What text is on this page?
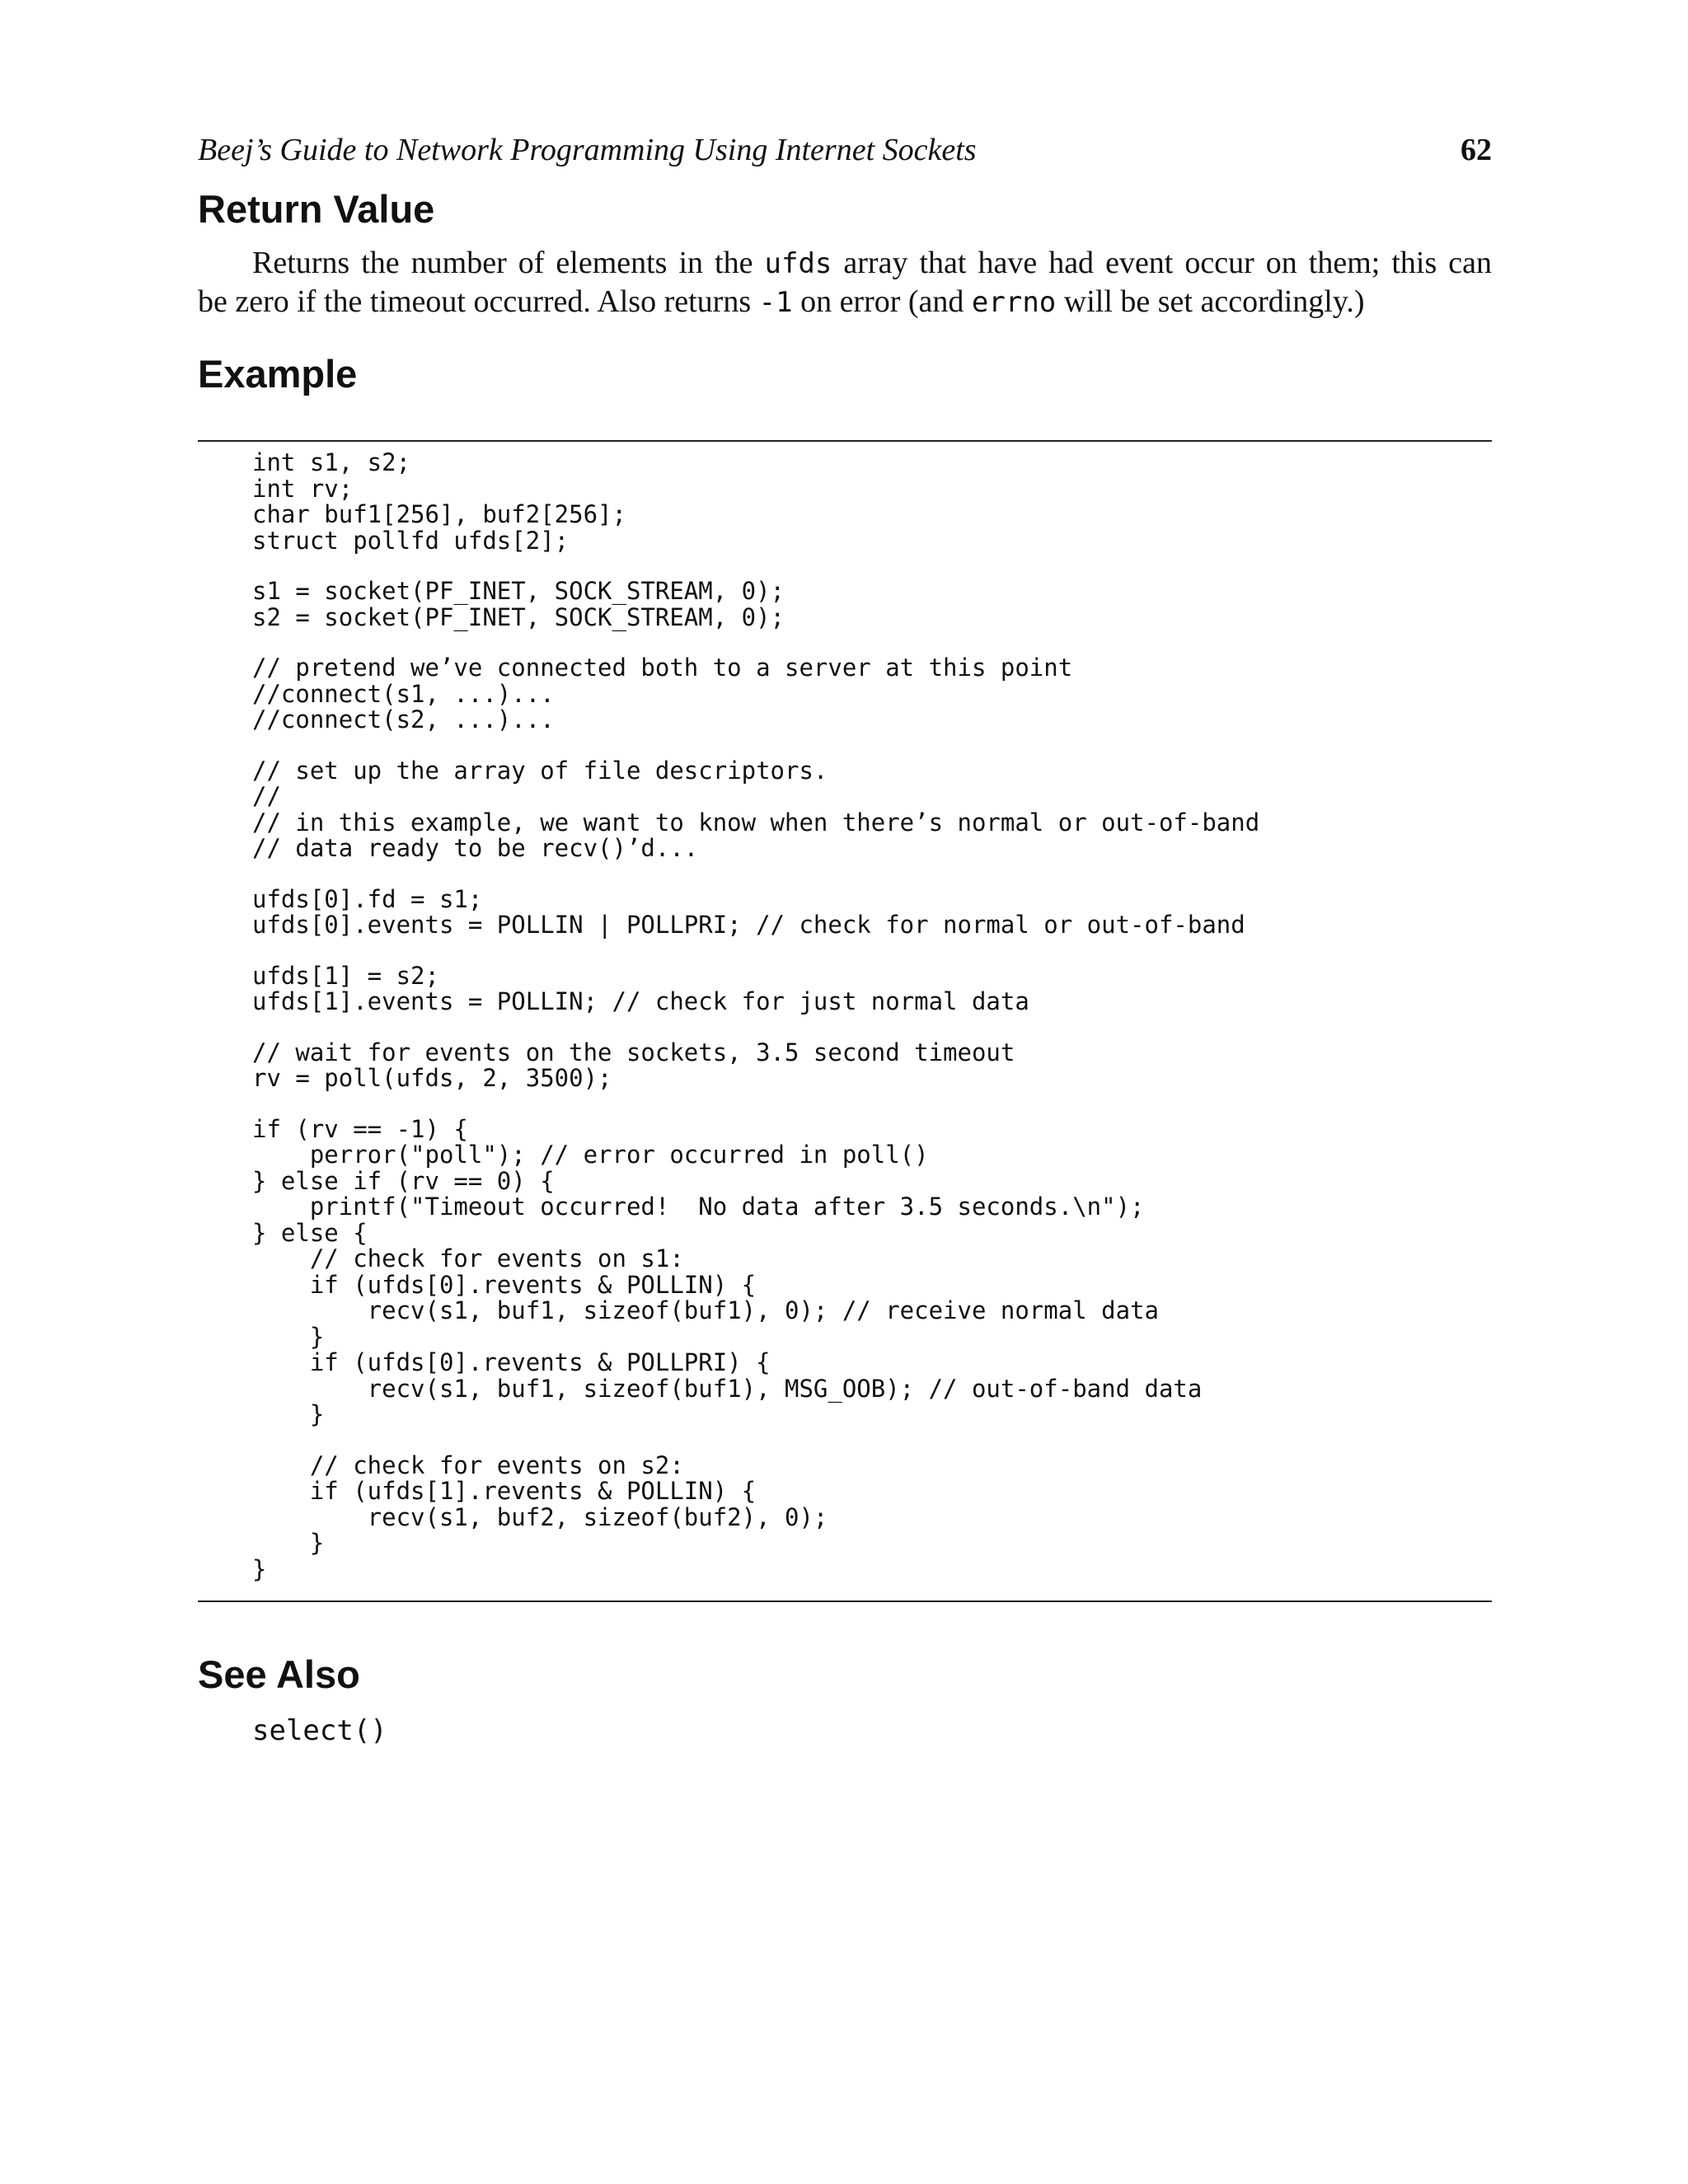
Beej’s Guide to Network Programming Using Internet Sockets	62
Return Value

Returns the number of elements in the ufds array that have had event occur on them; this can
be zero if the timeout occurred. Also returns -1 on error (and errno will be set accordingly.)

Example
int s1, s2;
int rv;
char buf1[256], buf2[256];
struct pollfd ufds[2];
s1 = socket(PF_INET, SOCK_STREAM, 0);
s2 = socket(PF_INET, SOCK_STREAM, 0);
// pretend we’ve connected both to a server at this point
//connect(s1, ...)...
//connect(s2, ...)...
// set up the array of file descriptors.
//
// in this example, we want to know when there’s normal or out-of-band
// data ready to be recv()’d...
ufds[0].fd = s1;
ufds[0].events = POLLIN | POLLPRI; // check for normal or out-of-band
ufds[1] = s2;
ufds[1].events = POLLIN; // check for just normal data
// wait for events on the sockets, 3.5 second timeout
rv = poll(ufds, 2, 3500);
if (rv == -1) {
perror("poll"); // error occurred in poll()
} else if (rv == 0) {
printf("Timeout occurred!  No data after 3.5 seconds.\n");
} else {
// check for events on s1:
if (ufds[0].revents & POLLIN) {
recv(s1, buf1, sizeof(buf1), 0); // receive normal data
}
if (ufds[0].revents & POLLPRI) {
recv(s1, buf1, sizeof(buf1), MSG_OOB); // out-of-band data
}
// check for events on s2:
if (ufds[1].revents & POLLIN) {
recv(s1, buf2, sizeof(buf2), 0);
}
}
See Also
select()
